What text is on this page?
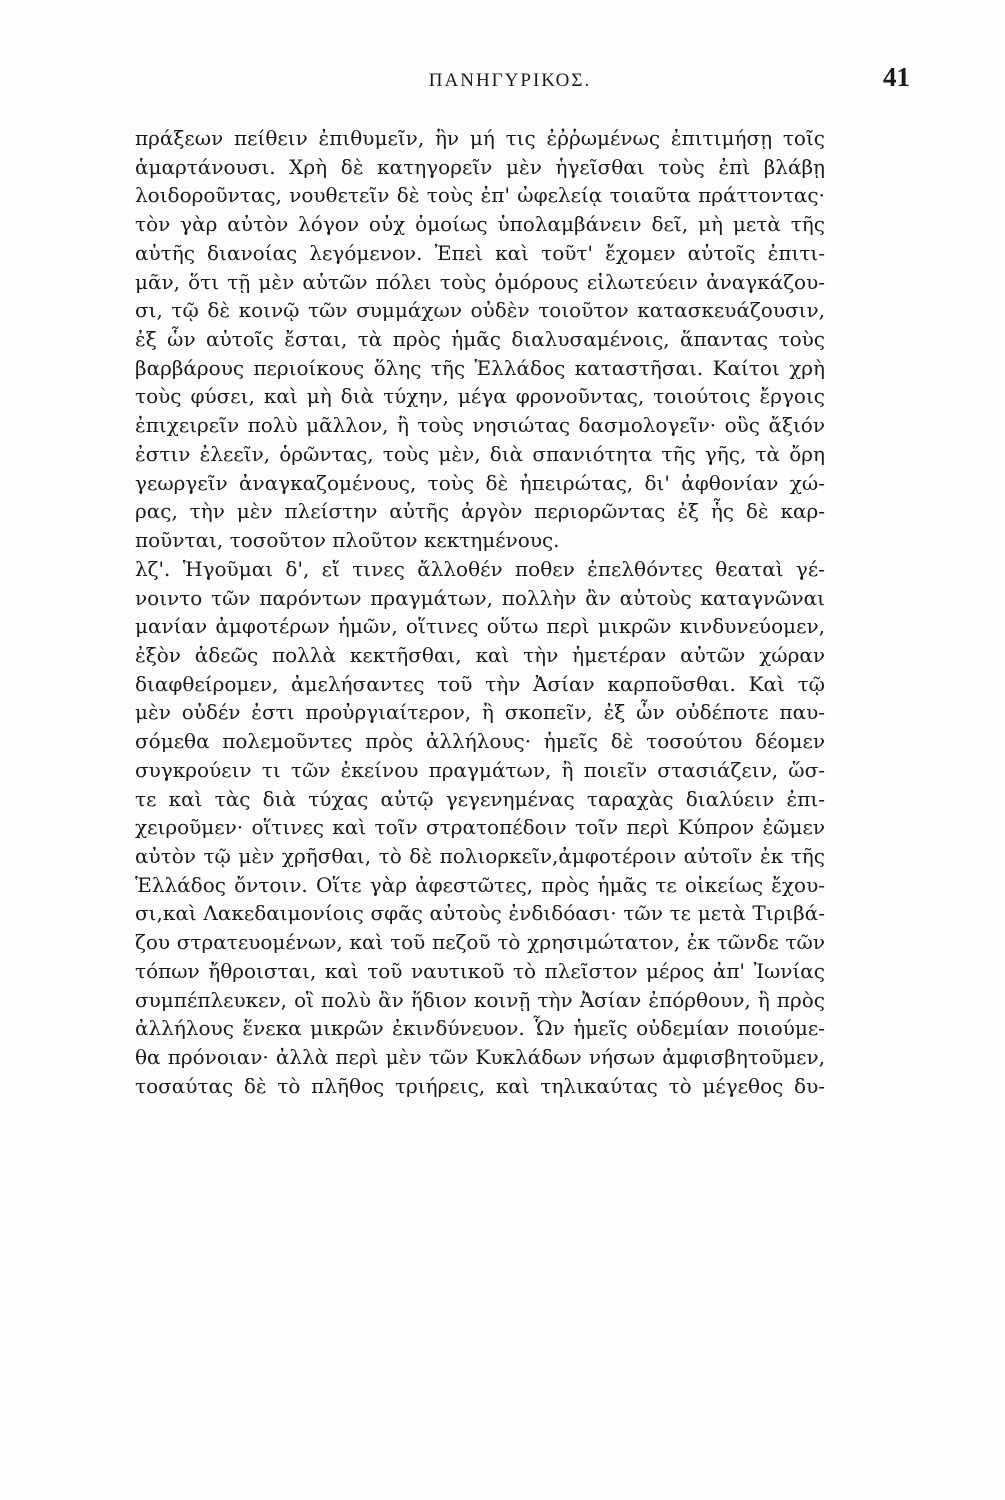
ΠΑΝΗΓΥΡΙΚΟΣ.	41
πράξεων πείθειν ἐπιθυμεῖν, ἣν μή τις ἐῤῥωμένως ἐπιτιμήσῃ τοῖς
ἁμαρτάνουσι. Χρὴ δὲ κατηγορεῖν μὲν ἡγεῖσθαι τοὺς ἐπὶ βλάβῃ
λοιδοροῦντας, νουθετεῖν δὲ τοὺς ἐπ' ὠφελείᾳ τοιαῦτα πράττοντας·
τὸν γὰρ αὐτὸν λόγον οὐχ ὁμοίως ὑπολαμβάνειν δεῖ, μὴ μετὰ τῆς
αὐτῆς διανοίας λεγόμενον. Ἐπεὶ καὶ τοῦτ' ἔχομεν αὐτοῖς ἐπιτι-
μᾶν, ὅτι τῇ μὲν αὑτῶν πόλει τοὺς ὁμόρους εἱλωτεύειν ἀναγκάζου-
σι, τῷ δὲ κοινῷ τῶν συμμάχων οὐδὲν τοιοῦτον κατασκευάζουσιν,
ἐξ ὧν αὐτοῖς ἔσται, τὰ πρὸς ἡμᾶς διαλυσαμένοις, ἅπαντας τοὺς
βαρβάρους περιοίκους ὅλης τῆς Ἑλλάδος καταστῆσαι. Καίτοι χρὴ
τοὺς φύσει, καὶ μὴ διὰ τύχην, μέγα φρονοῦντας, τοιούτοις ἔργοις
ἐπιχειρεῖν πολὺ μᾶλλον, ἢ τοὺς νησιώτας δασμολογεῖν· οὓς ἄξιόν
ἐστιν ἐλεεῖν, ὁρῶντας, τοὺς μὲν, διὰ σπανιότητα τῆς γῆς, τὰ ὄρη
γεωργεῖν ἀναγκαζομένους, τοὺς δὲ ἠπειρώτας, δι' ἀφθονίαν χώ-
ρας, τὴν μὲν πλείστην αὐτῆς ἀργὸν περιορῶντας ἐξ ἧς δὲ καρ-
ποῦνται, τοσοῦτον πλοῦτον κεκτημένους.
λζ'. Ἡγοῦμαι δ', εἴ τινες ἄλλοθέν ποθεν ἐπελθόντες θεαταὶ γέ-
νοιντο τῶν παρόντων πραγμάτων, πολλὴν ἂν αὐτοὺς καταγνῶναι
μανίαν ἀμφοτέρων ἡμῶν, οἵτινες οὕτω περὶ μικρῶν κινδυνεύομεν,
ἐξὸν ἀδεῶς πολλὰ κεκτῆσθαι, καὶ τὴν ἡμετέραν αὐτῶν χώραν
διαφθείρομεν, ἀμελήσαντες τοῦ τὴν Ἀσίαν καρποῦσθαι. Καὶ τῷ
μὲν οὐδέν ἐστι προὐργιαίτερον, ἢ σκοπεῖν, ἐξ ὧν οὐδέποτε παυ-
σόμεθα πολεμοῦντες πρὸς ἀλλήλους· ἡμεῖς δὲ τοσούτου δέομεν
συγκρούειν τι τῶν ἐκείνου πραγμάτων, ἢ ποιεῖν στασιάζειν, ὥσ-
τε καὶ τὰς διὰ τύχας αὐτῷ γεγενημένας ταραχὰς διαλύειν ἐπι-
χειροῦμεν· οἵτινες καὶ τοῖν στρατοπέδοιν τοῖν περὶ Κύπρον ἐῶμεν
αὐτὸν τῷ μὲν χρῆσθαι, τὸ δὲ πολιορκεῖν,ἀμφοτέροιν αὐτοῖν ἐκ τῆς
Ἑλλάδος ὄντοιν. Οἵτε γὰρ ἀφεστῶτες, πρὸς ἡμᾶς τε οἰκείως ἔχου-
σι,καὶ Λακεδαιμονίοις σφᾶς αὐτοὺς ἐνδιδόασι· τῶν τε μετὰ Τιριβά-
ζου στρατευομένων, καὶ τοῦ πεζοῦ τὸ χρησιμώτατον, ἐκ τῶνδε τῶν
τόπων ἤθροισται, καὶ τοῦ ναυτικοῦ τὸ πλεῖστον μέρος ἀπ' Ἰωνίας
συμπέπλευκεν, οἳ πολὺ ἂν ἥδιον κοινῇ τὴν Ἀσίαν ἐπόρθουν, ἢ πρὸς
ἀλλήλους ἕνεκα μικρῶν ἐκινδύνευον. Ὧν ἡμεῖς οὐδεμίαν ποιούμε-
θα πρόνοιαν· ἀλλὰ περὶ μὲν τῶν Κυκλάδων νήσων ἀμφισβητοῦμεν,
τοσαύτας δὲ τὸ πλῆθος τριήρεις, καὶ τηλικαύτας τὸ μέγεθος δυ-
